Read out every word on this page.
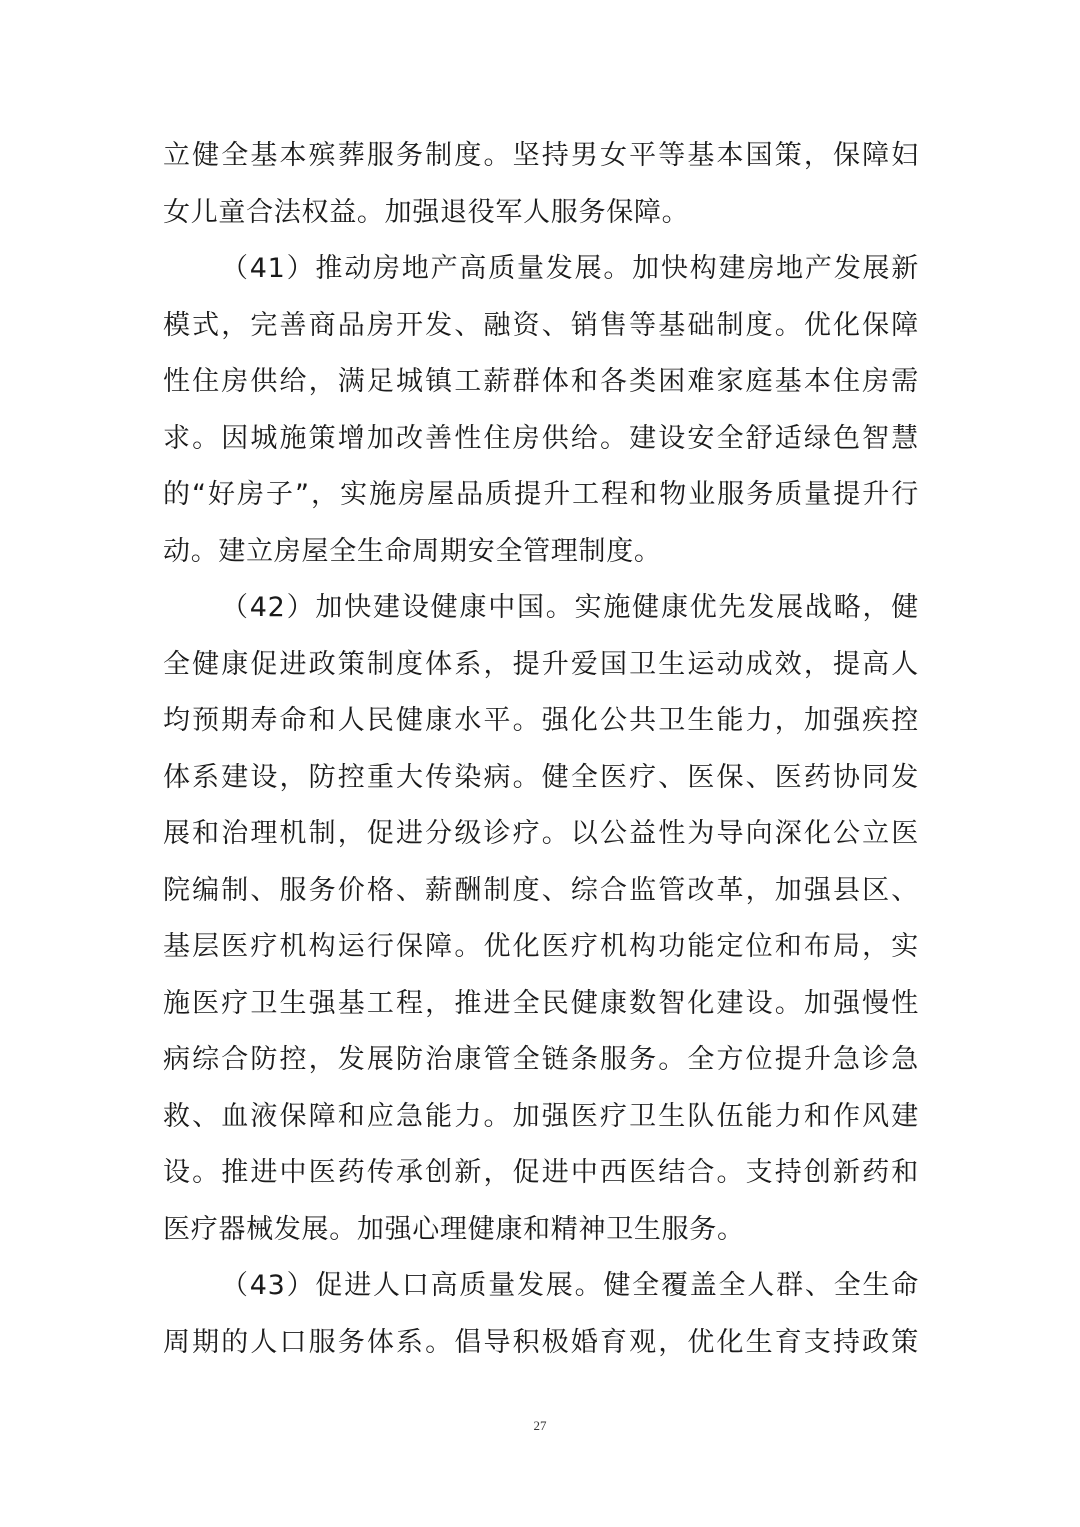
立健全基本殡葬服务制度。坚持男女平等基本国策，保障妇
女儿童合法权益。加强退役军人服务保障。
（41）推动房地产高质量发展。加快构建房地产发展新
模式，完善商品房开发、融资、销售等基础制度。优化保障
性住房供给，满足城镇工薪群体和各类困难家庭基本住房需
求。因城施策增加改善性住房供给。建设安全舒适绿色智慧
的“好房子”，实施房屋品质提升工程和物业服务质量提升行
动。建立房屋全生命周期安全管理制度。
（42）加快建设健康中国。实施健康优先发展战略，健
全健康促进政策制度体系，提升爱国卫生运动成效，提高人
均预期寿命和人民健康水平。强化公共卫生能力，加强疾控
体系建设，防控重大传染病。健全医疗、医保、医药协同发
展和治理机制，促进分级诊疗。以公益性为导向深化公立医
院编制、服务价格、薪酬制度、综合监管改革，加强县区、
基层医疗机构运行保障。优化医疗机构功能定位和布局，实
施医疗卫生强基工程，推进全民健康数智化建设。加强慢性
病综合防控，发展防治康管全链条服务。全方位提升急诊急
救、血液保障和应急能力。加强医疗卫生队伍能力和作风建
设。推进中医药传承创新，促进中西医结合。支持创新药和
医疗器械发展。加强心理健康和精神卫生服务。
（43）促进人口高质量发展。健全覆盖全人群、全生命
周期的人口服务体系。倡导积极婚育观，优化生育支持政策
27
